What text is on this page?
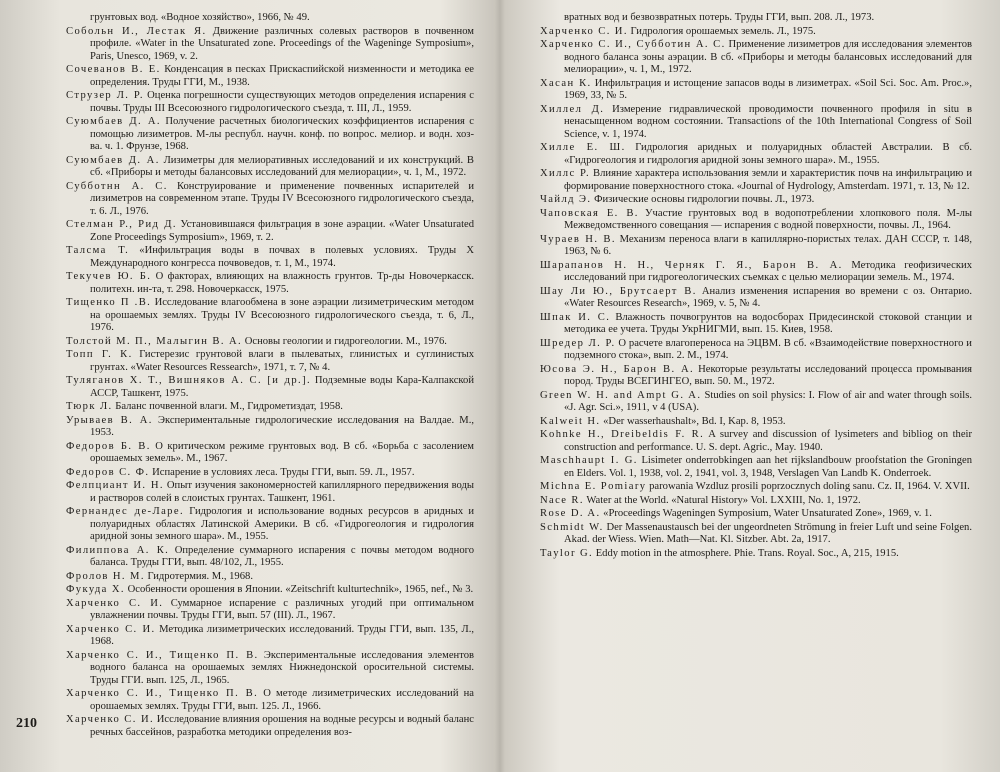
грунтовых вод. «Водное хозяйство», 1966, № 49.
Собольн И., Лестак Я. Движение различных солевых растворов в почвенном профиле. «Water in the Unsaturated zone. Proceedings of the Wageninge Symposium», Paris, Unesco, 1969, v. 2.
Сочеванов В. Е. Конденсация в песках Прискаспийской низменности и методика ее определения. Труды ГГИ, М., 1938.
Струзер Л. Р. Оценка погрешности существующих методов определения испарения с почвы. Труды III Всесоюзного гидрологического съезда, т. III, Л., 1959.
Суюмбаев Д. А. Получение расчетных биологических коэффициентов испарения с помощью лизиметров. М-лы республ. научн. конф. по вопрос. мелиор. и водн. хоз-ва. ч. 1. Фрунзе, 1968.
Суюмбаев Д. А. Лизиметры для мелиоративных исследований и их конструкций. В сб. «Приборы и методы балансовых исследований для мелиорации», ч. 1, М., 1972.
Субботнн А. С. Конструирование и применение почвенных испарителей и лизиметров на современном этапе. Труды IV Всесоюзного гидрологического съезда, т. 6. Л., 1976.
Стелман Р., Рид Д. Установившаяся фильтрация в зоне аэрации. «Water Unsaturated Zone Proceedings Symposium», 1969, т. 2.
Талсма Т. «Инфильтрация воды в почвах в полевых условиях. Труды X Международного конгресса почвоведов, т. 1, М., 1974.
Текучев Ю. Б. О факторах, влияющих на влажность грунтов. Тр-ды Новочеркасск. политехн. ин-та, т. 298. Новочеркасск, 1975.
Тищенко П .В. Исследование влагообмена в зоне аэрации лизиметрическим методом на орошаемых землях. Труды IV Всесоюзного гидрологического съезда, т. 6, Л., 1976.
Толстой М. П., Малыгин В. А. Основы геологии и гидрогеологии. М., 1976.
Топп Г. К. Гистерезис грунтовой влаги в пылеватых, глинистых и суглинистых грунтах. «Water Resources Ressearch», 1971, т. 7, № 4.
Туляганов Х. Т., Вишняков А. С. [и др.]. Подземные воды Кара-Калпакской АССР, Ташкент, 1975.
Тюрк Л. Баланс почвенной влаги. М., Гидрометиздат, 1958.
Урываев В. А. Экспериментальные гидрологические исследования на Валдае. М., 1953.
Федоров Б. В. О критическом режиме грунтовых вод. В сб. «Борьба с засолением орошаемых земель». М., 1967.
Федоров С. Ф. Испарение в условиях леса. Труды ГГИ, вып. 59. Л., 1957.
Фелпциант И. Н. Опыт изучения закономерностей капиллярного передвижения воды и растворов солей в слоистых грунтах. Ташкент, 1961.
Фернандес де-Ларе. Гидрология и использование водных ресурсов в аридных и полуаридных областях Латинской Америки. В сб. «Гидрогеология и гидрология аридной зоны земного шара». М., 1955.
Филиппова А. К. Определение суммарного испарения с почвы методом водного баланса. Труды ГГИ, вып. 48/102, Л., 1955.
Фролов Н. М. Гидротермия. М., 1968.
Фукуда Х. Особенности орошения в Японии. «Zeitschrift kulturtechnik», 1965, nef., № 3.
Харченко С. И. Суммарное испарение с различных угодий при оптимальном увлажнении почвы. Труды ГГИ, вып. 57 (III). Л., 1967.
Харченко С. И. Методика лизиметрических исследований. Труды ГГИ, вып. 135, Л., 1968.
Харченко С. И., Тищенко П. В. Экспериментальные исследования элементов водного баланса на орошаемых землях Нижнедонской оросительной системы. Труды ГГИ. вып. 125, Л., 1965.
Харченко С. И., Тищенко П. В. О методе лизиметрических исследований на орошаемых землях. Труды ГГИ, вып. 125. Л., 1966.
Харченко С. И. Исследование влияния орошения на водные ресурсы и водный баланс речных бассейнов, разработка методики определения воз-
210
вратных вод и безвозвратных потерь. Труды ГГИ, вып. 208. Л., 1973.
Харченко С. И. Гидрология орошаемых земель. Л., 1975.
Харченко С. И., Субботин А. С. Применение лизиметров для исследования элементов водного баланса зоны аэрации. В сб. «Приборы и методы балансовых исследований для мелиорации», ч. 1, М., 1972.
Хасан К. Инфильтрация и истощение запасов воды в лизиметрах. «Soil Sci. Soc. Am. Proc.», 1969, 33, № 5.
Хиллел Д. Измерение гидравлической проводимости почвенного профиля in situ в ненасыщенном водном состоянии. Transactions of the 10th International Congress of Soil Science, v. 1, 1974.
Хилле Е. Ш. Гидрология аридных и полуаридных областей Австралии. В сб. «Гидрогеология и гидрология аридной зоны земного шара». М., 1955.
Хиллс Р. Влияние характера использования земли и характеристик почв на инфильтрацию и формирование поверхностного стока. «Journal of Hydrology, Amsterdam. 1971, т. 13, № 12.
Чайлд Э. Физические основы гидрологии почвы. Л., 1973.
Чаповская Е. В. Участие грунтовых вод в водопотреблении хлопкового поля. М-лы Межведомственного совещания — испарения с водной поверхности, почвы. Л., 1964.
Чураев Н. В. Механизм переноса влаги в капиллярно-пористых телах. ДАН СССР, т. 148, 1963, № 6.
Шарапанов Н. Н., Черняк Г. Я., Барон В. А. Методика геофизических исследований при гидрогеологических съемках с целью мелиорации земель. М., 1974.
Шау Ли Ю., Брутсаерт В. Анализ изменения испарения во времени с оз. Онтарио. «Water Resources Research», 1969, v. 5, № 4.
Шпак И. С. Влажность почвогрунтов на водосборах Придесинской стоковой станции и методика ее учета. Труды УкрНИГМИ, вып. 15. Киев, 1958.
Шредер Л. Р. О расчете влагопереноса на ЭЦВМ. В сб. «Взаимодействие поверхностного и подземного стока», вып. 2. М., 1974.
Юсова Э. Н., Барон В. А. Некоторые результаты исследований процесса промывания пород. Труды ВСЕГИНГЕО, вып. 50. М., 1972.
Green W. H. and Ampt G. A. Studies on soil physics: I. Flow of air and water through soils. «J. Agr. Sci.», 1911, v 4 (USA).
Kalweit H. «Der wasserhaushalt», Bd. I, Kap. 8, 1953.
Kohnke H., Dreibeldis F. R. A survey and discussion of lysimeters and bibliog on their construction and performance. U. S. dept. Agric., May. 1940.
Maschhaupt I. G. Lisimeter onderrobkingen aan het rijkslandbouw proofstation the Groningen en Elders. Vol. 1, 1938, vol. 2, 1941, vol. 3, 1948, Verslagen Van Landb K. Onderroek.
Michna E. Pomiary parowania Wzdluz prosili poprzocznych doling sanu. Cz. II, 1964. V. XVII.
Nace R. Water at the World. «Natural History» Vol. LXXIII, No. 1, 1972.
Rose D. A. «Proceedings Wageningen Symposium, Water Unsaturated Zone», 1969, v. 1.
Schmidt W. Der Massenaustausch bei der ungeordneten Strömung in freier Luft und seine Folgen. Akad. der Wiess. Wien. Math—Nat. Kl. Sitzber. Abt. 2a, 1917.
Taylor G. Eddy motion in the atmosphere. Phie. Trans. Royal. Soc., A, 215, 1915.
